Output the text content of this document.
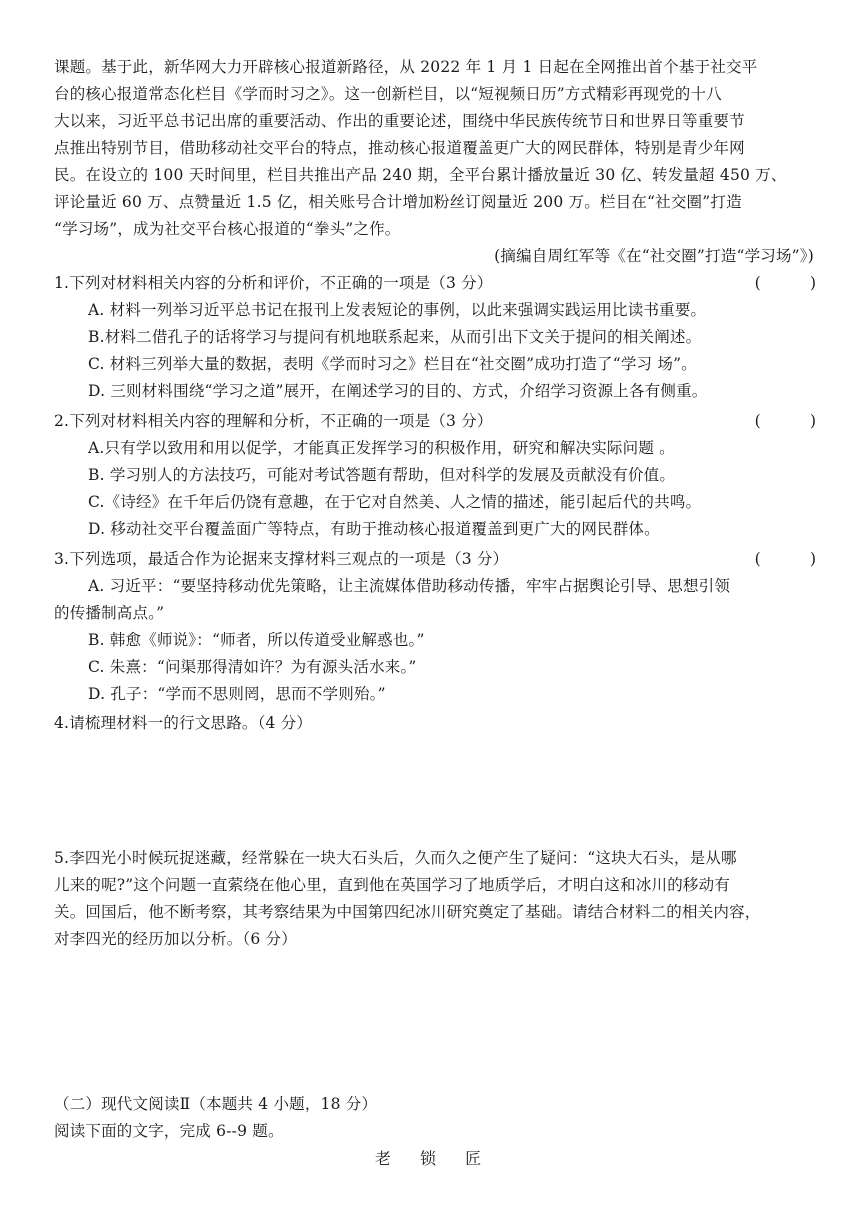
课题。基于此，新华网大力开辟核心报道新路径，从 2022 年 1 月 1 日起在全网推出首个基于社交平
台的核心报道常态化栏目《学而时习之》。这一创新栏目，以“短视频日历”方式精彩再现党的十八
大以来，习近平总书记出席的重要活动、作出的重要论述，围绕中华民族传统节日和世界日等重要节
点推出特别节目，借助移动社交平台的特点，推动核心报道覆盖更广大的网民群体，特别是青少年网
民。在设立的 100 天时间里，栏目共推出产品 240 期，全平台累计播放量近 30 亿、转发量超 450 万、
评论量近 60 万、点赞量近 1.5 亿，相关账号合计增加粉丝订阅量近 200 万。栏目在“社交圈”打造
“学习场”，成为社交平台核心报道的“拳头”之作。
(摘编自周红军等《在“社交圈”打造“学习场”》)
1.下列对材料相关内容的分析和评价，不正确的一项是（3 分）	(          )
A. 材料一列举习近平总书记在报刊上发表短论的事例，以此来强调实践运用比读书重要。
B.材料二借孔子的话将学习与提问有机地联系起来，从而引出下文关于提问的相关阐述。
C. 材料三列举大量的数据，表明《学而时习之》栏目在“社交圈”成功打造了“学习 场”。
D. 三则材料围绕“学习之道”展开，在阐述学习的目的、方式，介绍学习资源上各有侧重。
2.下列对材料相关内容的理解和分析，不正确的一项是（3 分）	(          )
A.只有学以致用和用以促学，才能真正发挥学习的积极作用，研究和解决实际问题 。
B. 学习别人的方法技巧，可能对考试答题有帮助，但对科学的发展及贡献没有价值。
C.《诗经》在千年后仍饶有意趣，在于它对自然美、人之情的描述，能引起后代的共鸣。
D. 移动社交平台覆盖面广等特点，有助于推动核心报道覆盖到更广大的网民群体。
3.下列选项，最适合作为论据来支撑材料三观点的一项是（3 分）	(          )
A. 习近平：“要坚持移动优先策略，让主流媒体借助移动传播，牢牢占据舆论引导、思想引领
的传播制高点。”
B. 韩愈《师说》：“师者，所以传道受业解惑也。”
C. 朱熹：“问渠那得清如许？为有源头活水来。”
D. 孔子：“学而不思则罔，思而不学则殆。”
4.请梳理材料一的行文思路。（4 分）
5.李四光小时候玩捉迷藏，经常躲在一块大石头后，久而久之便产生了疑问：“这块大石头，是从哪
儿来的呢?”这个问题一直萦绕在他心里，直到他在英国学习了地质学后，才明白这和冰川的移动有
关。回国后，他不断考察，其考察结果为中国第四纪冰川研究奠定了基础。请结合材料二的相关内容，
对李四光的经历加以分析。（6 分）
（二）现代文阅读Ⅱ（本题共 4 小题，18 分）
阅读下面的文字，完成 6--9 题。
老 锁 匠
